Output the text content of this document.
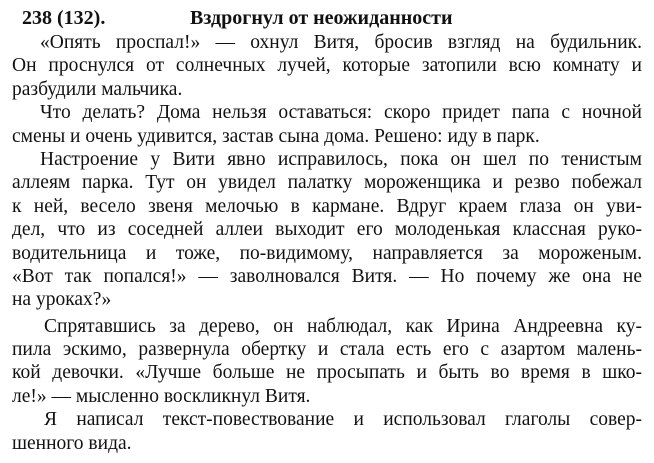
238 (132).	Вздрогнул от неожиданности
«Опять проспал!» — охнул Витя, бросив взгляд на будильник.
Он проснулся от солнечных лучей, которые затопили всю комнату и
разбудили мальчика.
Что делать? Дома нельзя оставаться: скоро придет папа с ночной
смены и очень удивится, застав сына дома. Решено: иду в парк.
Настроение у Вити явно исправилось, пока он шел по тенистым
аллеям парка. Тут он увидел палатку мороженщика и резво побежал
к ней, весело звеня мелочью в кармане. Вдруг краем глаза он уви-
дел, что из соседней аллеи выходит его молоденькая классная руко-
водительница и тоже, по-видимому, направляется за мороженым.
«Вот так попался!» — заволновался Витя. — Но почему же она не
на уроках?»
Спрятавшись за дерево, он наблюдал, как Ирина Андреевна ку-
пила эскимо, развернула обертку и стала есть его с азартом малень-
кой девочки. «Лучше больше не просыпать и быть во время в шко-
ле!» — мысленно воскликнул Витя.
Я написал текст-повествование и использовал глаголы совер-
шенного вида.
